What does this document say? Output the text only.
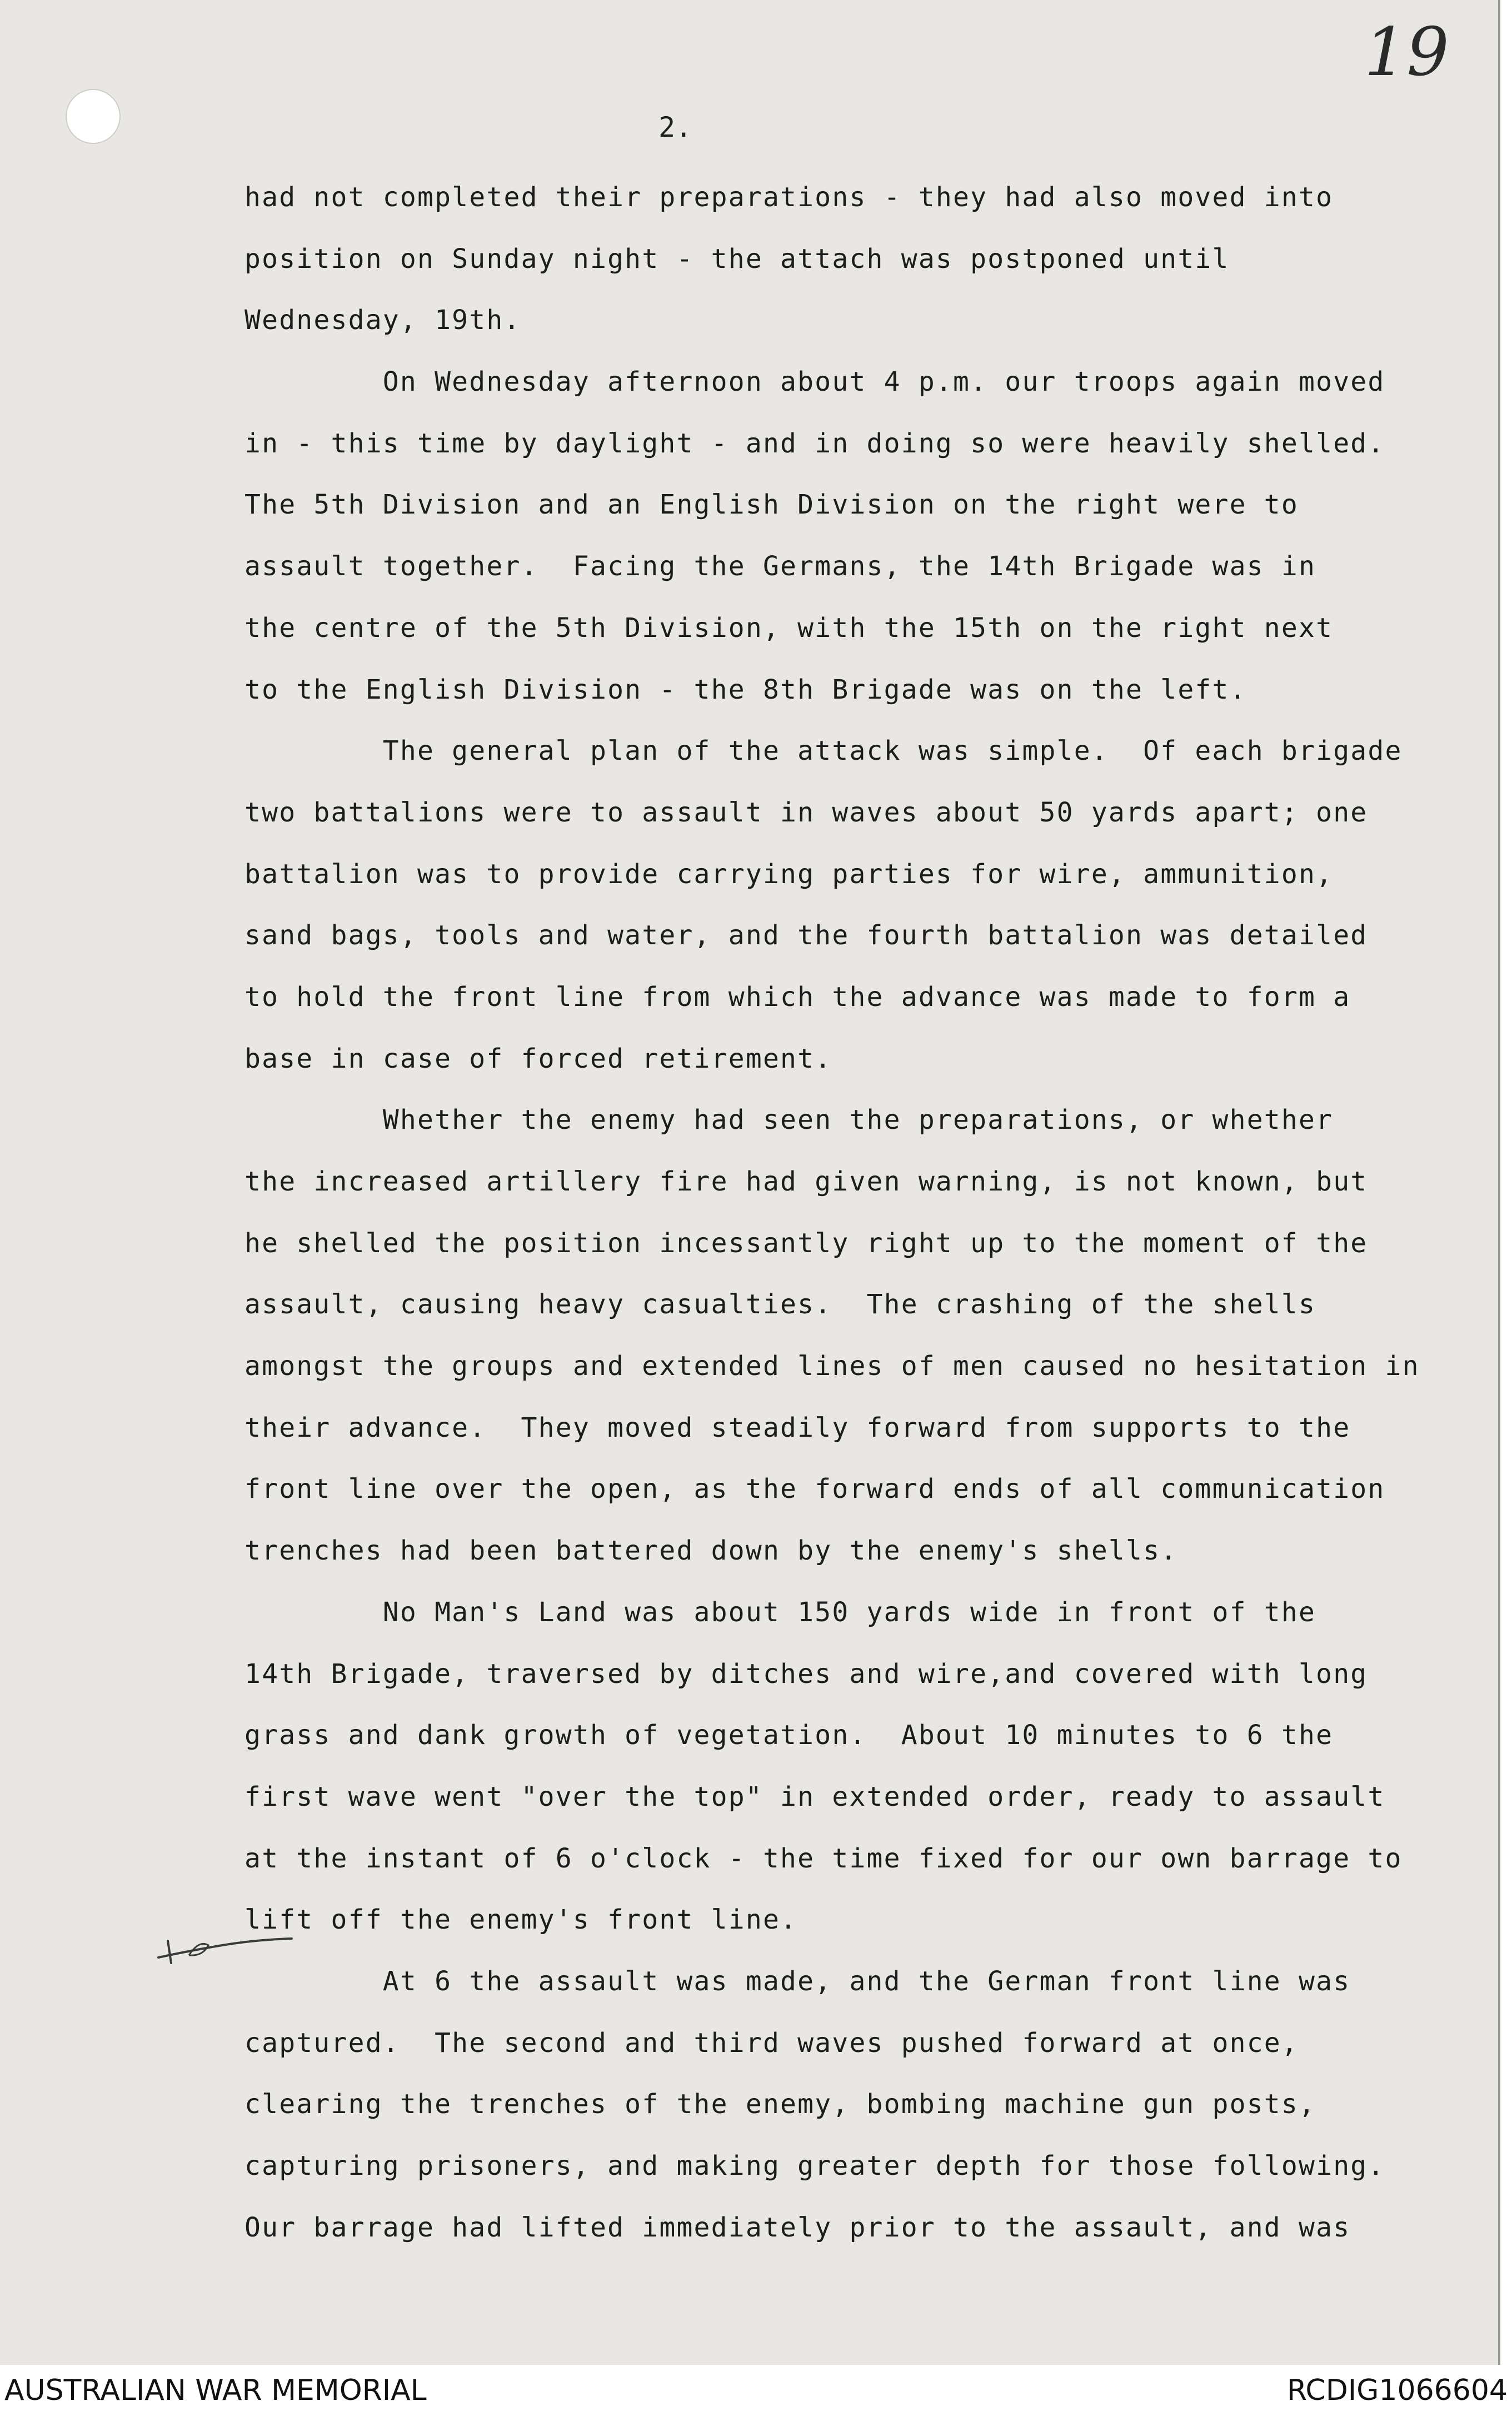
19
2.
had not completed their preparations - they had also moved into
position on Sunday night - the attach was postponed until
Wednesday, 19th.
On Wednesday afternoon about 4 p.m. our troops again moved
in - this time by daylight - and in doing so were heavily shelled.
The 5th Division and an English Division on the right were to
assault together.  Facing the Germans, the 14th Brigade was in
the centre of the 5th Division, with the 15th on the right next
to the English Division - the 8th Brigade was on the left.
The general plan of the attack was simple.  Of each brigade
two battalions were to assault in waves about 50 yards apart; one
battalion was to provide carrying parties for wire, ammunition,
sand bags, tools and water, and the fourth battalion was detailed
to hold the front line from which the advance was made to form a
base in case of forced retirement.
Whether the enemy had seen the preparations, or whether
the increased artillery fire had given warning, is not known, but
he shelled the position incessantly right up to the moment of the
assault, causing heavy casualties.  The crashing of the shells
amongst the groups and extended lines of men caused no hesitation in
their advance.  They moved steadily forward from supports to the
front line over the open, as the forward ends of all communication
trenches had been battered down by the enemy's shells.
No Man's Land was about 150 yards wide in front of the
14th Brigade, traversed by ditches and wire,and covered with long
grass and dank growth of vegetation.  About 10 minutes to 6 the
first wave went "over the top" in extended order, ready to assault
at the instant of 6 o'clock - the time fixed for our own barrage to
lift off the enemy's front line.
At 6 the assault was made, and the German front line was
captured.  The second and third waves pushed forward at once,
clearing the trenches of the enemy, bombing machine gun posts,
capturing prisoners, and making greater depth for those following.
Our barrage had lifted immediately prior to the assault, and was
AUSTRALIAN WAR MEMORIAL	RCDIG1066604
